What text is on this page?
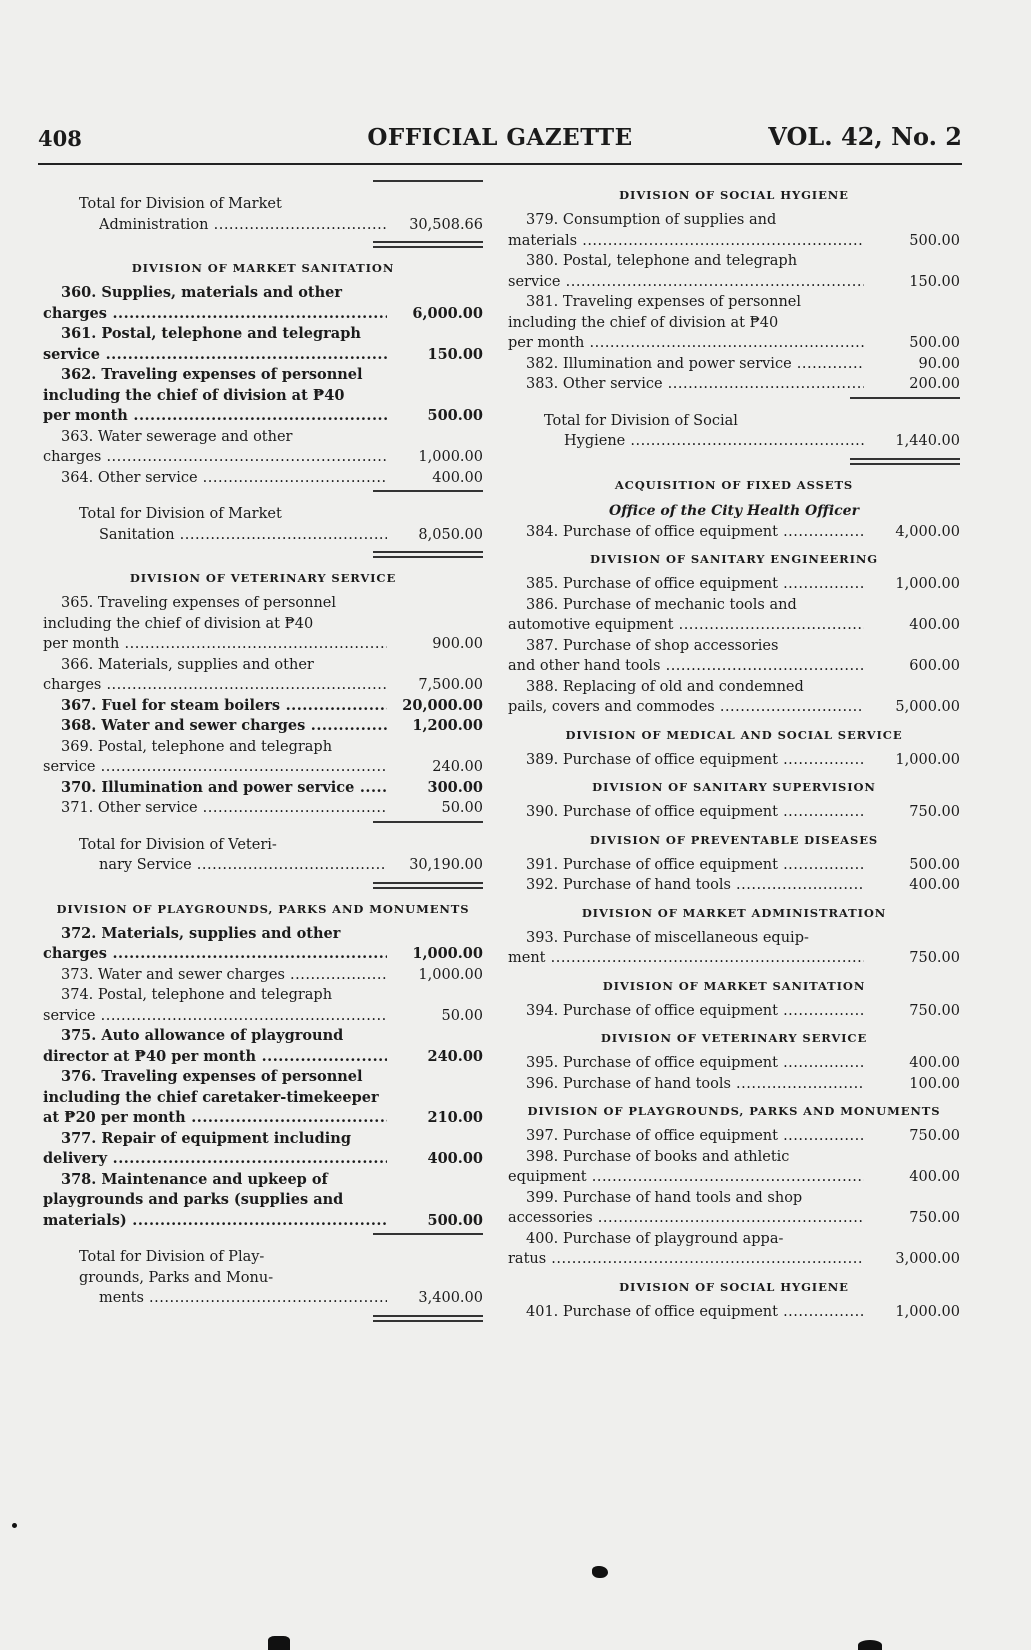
408	OFFICIAL GAZETTE	VOL. 42, No. 2
Total for Division of Market
Administration .....	30,508.66
DIVISION OF MARKET SANITATION
360. Supplies, materials and other
charges .....	6,000.00
361. Postal, telephone and telegraph
service .....	150.00
362. Traveling expenses of personnel
including the chief of division at ₱40
per month .....	500.00
363. Water sewerage and other
charges .....	1,000.00
364. Other service .....	400.00
Total for Division of Market
Sanitation .....	8,050.00
DIVISION OF VETERINARY SERVICE
365. Traveling expenses of personnel
including the chief of division at ₱40
per month .....	900.00
366. Materials, supplies and other
charges .....	7,500.00
367. Fuel for steam boilers .....	20,000.00
368. Water and sewer charges .....	1,200.00
369. Postal, telephone and telegraph
service .....	240.00
370. Illumination and power service .....	300.00
371. Other service .....	50.00
Total for Division of Veteri-
nary Service .....	30,190.00
DIVISION OF PLAYGROUNDS, PARKS AND MONUMENTS
372. Materials, supplies and other
charges .....	1,000.00
373. Water and sewer charges .....	1,000.00
374. Postal, telephone and telegraph
service .....	50.00
375. Auto allowance of playground
director at ₱40 per month .....	240.00
376. Traveling expenses of personnel
including the chief caretaker-timekeeper
at ₱20 per month .....	210.00
377. Repair of equipment including
delivery .....	400.00
378. Maintenance and upkeep of
playgrounds and parks (supplies and
materials) .....	500.00
Total for Division of Play-
grounds, Parks and Monu-
ments .....	3,400.00
DIVISION OF SOCIAL HYGIENE
379. Consumption of supplies and
materials .....	500.00
380. Postal, telephone and telegraph
service .....	150.00
381. Traveling expenses of personnel
including the chief of division at ₱40
per month .....	500.00
382. Illumination and power service .....	90.00
383. Other service .....	200.00
Total for Division of Social
Hygiene .....	1,440.00
ACQUISITION OF FIXED ASSETS
Office of the City Health Officer
384. Purchase of office equipment .....	4,000.00
DIVISION OF SANITARY ENGINEERING
385. Purchase of office equipment .....	1,000.00
386. Purchase of mechanic tools and
automotive equipment .....	400.00
387. Purchase of shop accessories
and other hand tools .....	600.00
388. Replacing of old and condemned
pails, covers and commodes .....	5,000.00
DIVISION OF MEDICAL AND SOCIAL SERVICE
389. Purchase of office equipment .....	1,000.00
DIVISION OF SANITARY SUPERVISION
390. Purchase of office equipment .....	750.00
DIVISION OF PREVENTABLE DISEASES
391. Purchase of office equipment .....	500.00
392. Purchase of hand tools .....	400.00
DIVISION OF MARKET ADMINISTRATION
393. Purchase of miscellaneous equip-
ment .....	750.00
DIVISION OF MARKET SANITATION
394. Purchase of office equipment .....	750.00
DIVISION OF VETERINARY SERVICE
395. Purchase of office equipment .....	400.00
396. Purchase of hand tools .....	100.00
DIVISION OF PLAYGROUNDS, PARKS AND MONUMENTS
397. Purchase of office equipment .....	750.00
398. Purchase of books and athletic
equipment .....	400.00
399. Purchase of hand tools and shop
accessories .....	750.00
400. Purchase of playground appa-
ratus .....	3,000.00
DIVISION OF SOCIAL HYGIENE
401. Purchase of office equipment .....	1,000.00
